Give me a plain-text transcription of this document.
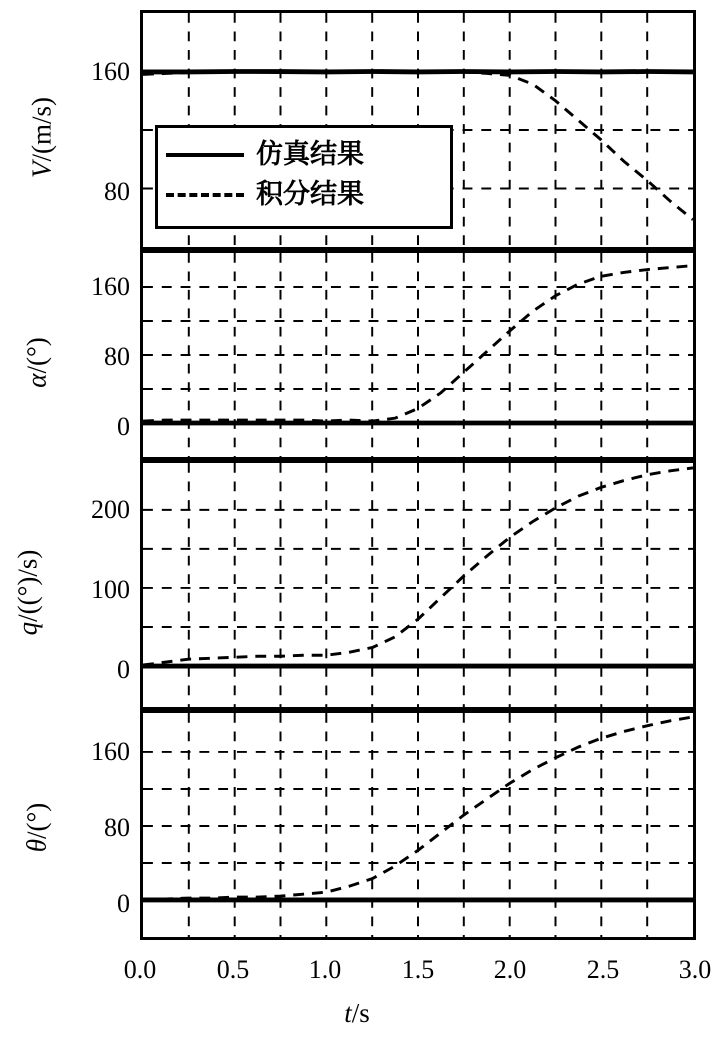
仿真结果
积分结果
160
80
V/(m/s)
160
80
0
α/(°)
200
100
0
q/((°)/s)
160
80
0
θ/(°)
0.0	0.5	1.0	1.5	2.0	2.5	3.0
t/s
